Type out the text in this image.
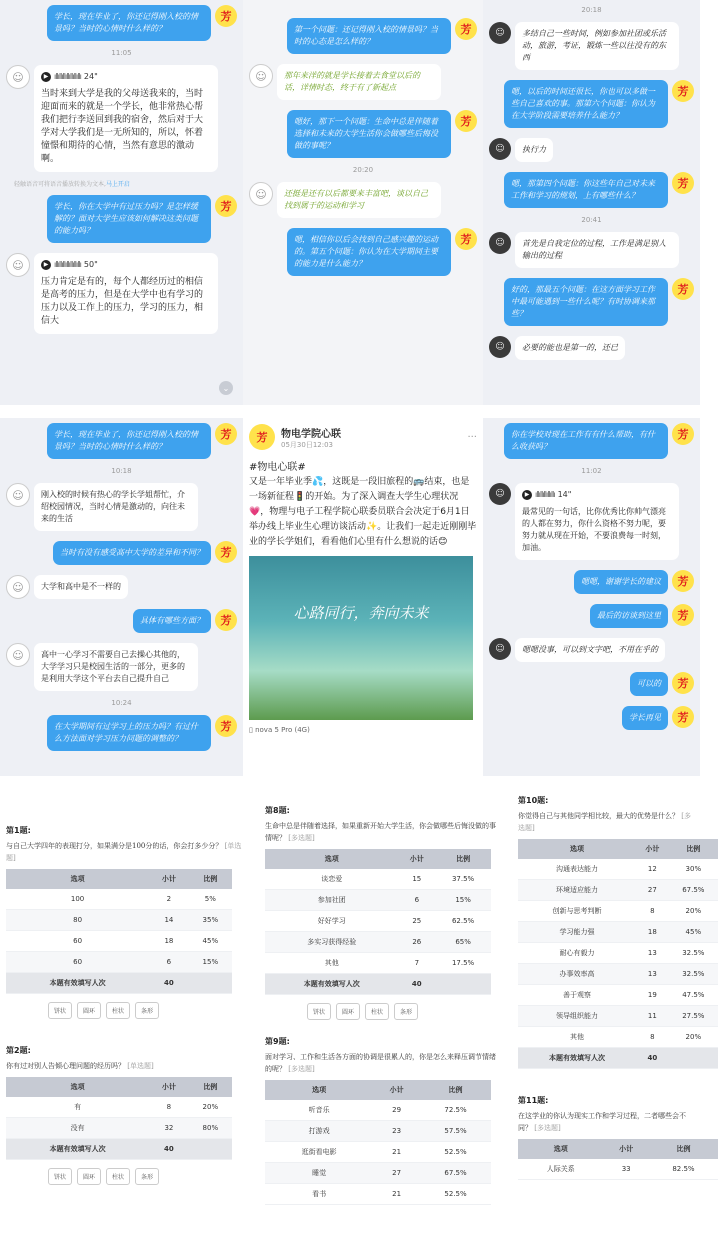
学长，现在毕业了，你还记得刚入校的情景吗？当时的心情时什么样的？
芳
11:05
☺	▶ ıllıllıllıllıllıllıllı 24"
当时来到大学是我的父母送我来的，当时迎面而来的就是一个学长，他非常热心帮我们把行李送回到我的宿舍，然后对于大学对大学我们是一无所知的，所以，怀着憧憬和期待的心情，当然有意思的激动啊。
轻触语音可将语音播放转换为文本,马上开启
学长，你在大学中有过压力吗？是怎样缓解的？面对大学生应该如何解决这类问题的能力吗？
芳
☺	▶ ıllıllıllıllıllıllıllı 50"
压力肯定是有的，每个人都经历过的相信是高考的压力，但是在大学中也有学习的压力以及工作上的压力，学习的压力，相信大
⌄
第一个问题：还记得刚入校的情景吗？当时的心态是怎么样的？
芳
☺	那年来洋的就是学长接着去食堂以后的话，详情时态，终于有了新起点
嗯好，那下一个问题：生命中总是伴随着选择和未来的大学生活你会做哪些后悔没做的事呢？
芳
20:20
☺	还挺是还有以后都要来丰富吧，谈以自己找到属于的运动和学习
嗯，相信你以后会找到自己感兴趣的运动的。第五个问题：你认为在大学期间主要的能力是什么能力？
芳
20:18
☺	多结自己一些时间，例如参加社团或乐活动，旅游，考证，锻炼一些以往没有的东西
嗯，以后的时间还很长，你也可以多做一些自己喜欢的事。那第六个问题：你认为在大学阶段需要培养什么能力？
芳
☺	执行力
嗯，那第四个问题：你这些年自己对未来工作和学习的规划，上有哪些什么？
芳
20:41
☺	首先是自我定位的过程，工作是满足别人输出的过程
好的，那最五个问题：在这方面学习工作中最可能遇到一些什么呢？有时协调来那些？
芳
☺	必要的能也是第一的，还已
学长，现在毕业了，你还记得刚入校的情景吗？当时的心情时什么样的？
芳
10:18
☺	刚入校的时候有热心的学长学姐帮忙，介绍校园情况，当时心情是激动的，向往未来的生活
当时有没有感受高中大学的差异和不同？	芳
☺	大学和高中是不一样的
具体有哪些方面？	芳
☺	高中一心学习不需要自己去操心其他的，大学学习只是校园生活的一部分，更多的是利用大学这个平台去自己提升自己
10:24
在大学期间有过学习上的压力吗？有过什么方法面对学习压力问题的调整的？
芳
芳	物电学院心联
05月30日12:03
···
#物电心联#
又是一年毕业季💦，这既是一段旧旅程的🚌结束，也是一场新征程🚦的开始。为了深入调查大学生心理状况💗，物理与电子工程学院心联委员联合会决定于6月1日举办线上毕业生心理访谈活动✨。让我们一起走近刚刚毕业的学长学姐们，看看他们心里有什么想说的话😊
心路同行，奔向未来
▯ nova 5 Pro (4G)
你在学校对现在工作有有什么帮助，有什么收获吗？
芳
11:02
☺	▶ ıllıllıllıllıllı 14"
最常见的一句话，比你优秀比你帅气漂亮的人都在努力，你什么资格不努力呢，要努力就从现在开始，不要浪费每一时刻，加油。
嗯嗯，谢谢学长的建议	芳
最后的访谈到这里	芳
☺	嗯嗯没事，可以到文字吧，不用在乎的
可以的	芳
学长再见	芳
第1题:
与自己大学四年的表现打分，如果满分是100分的话，你会打多少分？ [单选题]
选项	小计	比例
100	2	5%
80	14	35%
60	18	45%
60	6	15%
本题有效填写人次	40	
饼状	圆环	柱状	条形
第2题:
你有过对别人告倾心理问题的经历吗？ [单选题]
选项	小计	比例
有	8	20%
没有	32	80%
本题有效填写人次	40	
饼状	圆环	柱状	条形
第8题:
生命中总是伴随着选择，如果重新开始大学生活，你会做哪些后悔没做的事情呢？ [多选题]
选项	小计	比例
谈恋爱	15	37.5%
参加社团	6	15%
好好学习	25	62.5%
多实习获得经验	26	65%
其他	7	17.5%
本题有效填写人次	40	
饼状	圆环	柱状	条形
第9题:
面对学习、工作和生活各方面的协调是很累人的，你是怎么来释压调节情绪的呢？ [多选题]
选项	小计	比例
听音乐	29	72.5%
打游戏	23	57.5%
逛街看电影	21	52.5%
睡觉	27	67.5%
看书	21	52.5%
第10题:
你觉得自己与其他同学相比较，最大的优势是什么？ [多选题]
选项	小计	比例
沟通表达能力	12	30%
环境适应能力	27	67.5%
创新与思考判断	8	20%
学习能力强	18	45%
耐心有毅力	13	32.5%
办事效率高	13	32.5%
善于观察	19	47.5%
领导组织能力	11	27.5%
其他	8	20%
本题有效填写人次	40	
第11题:
在这学业的你认为现实工作和学习过程，二者哪些会不同？ [多选题]
选项	小计	比例
人际关系	33	82.5%
